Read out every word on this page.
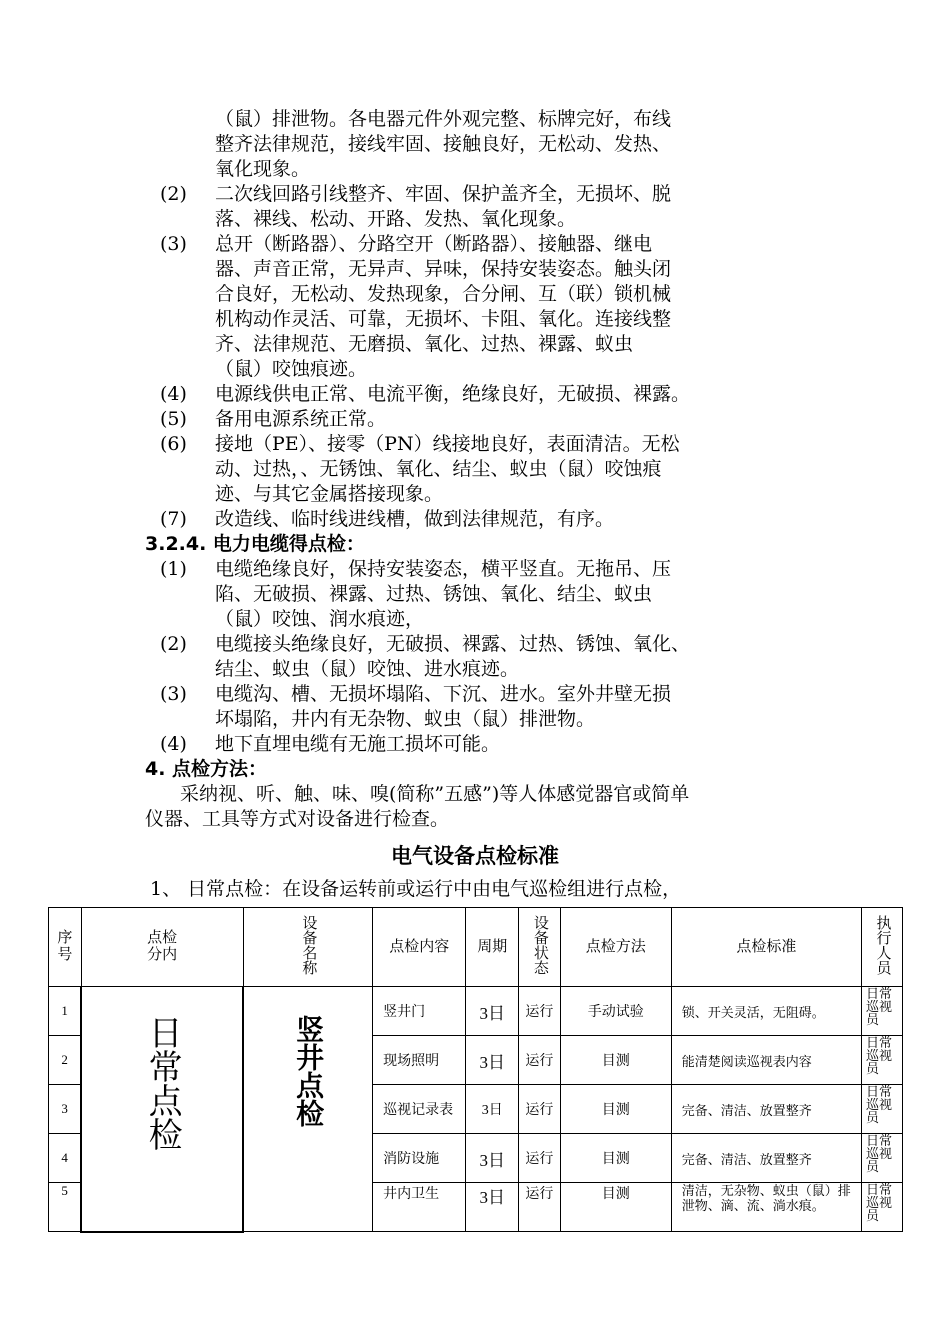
（鼠）排泄物。各电器元件外观完整、标牌完好，布线
整齐法律规范，接线牢固、接触良好，无松动、发热、
氧化现象。
(2) 二次线回路引线整齐、牢固、保护盖齐全，无损坏、脱
落、裸线、松动、开路、发热、氧化现象。
(3) 总开（断路器）、分路空开（断路器）、接触器、继电
器、声音正常，无异声、异味，保持安装姿态。触头闭
合良好，无松动、发热现象，合分闸、互（联）锁机械
机构动作灵活、可靠，无损坏、卡阻、氧化。连接线整
齐、法律规范、无磨损、氧化、过热、裸露、蚁虫
（鼠）咬蚀痕迹。
(4) 电源线供电正常、电流平衡，绝缘良好，无破损、裸露。
(5) 备用电源系统正常。
(6) 接地（PE）、接零（PN）线接地良好，表面清洁。无松
动、过热，、无锈蚀、氧化、结尘、蚁虫（鼠）咬蚀痕
迹、与其它金属搭接现象。
(7) 改造线、临时线进线槽，做到法律规范，有序。
3.2.4. 电力电缆得点检：
(1) 电缆绝缘良好，保持安装姿态，横平竖直。无拖吊、压
陷、无破损、裸露、过热、锈蚀、氧化、结尘、蚁虫
（鼠）咬蚀、润水痕迹，
(2) 电缆接头绝缘良好，无破损、裸露、过热、锈蚀、氧化、
结尘、蚁虫（鼠）咬蚀、进水痕迹。
(3) 电缆沟、槽、无损坏塌陷、下沉、进水。室外井壁无损
坏塌陷，井内有无杂物、蚁虫（鼠）排泄物。
(4) 地下直埋电缆有无施工损坏可能。
4. 点检方法：
采纳视、听、触、味、嗅(简称”五感”)等人体感觉器官或简单
仪器、工具等方式对设备进行检查。
电气设备点检标准
1、 日常点检：在设备运转前或运行中由电气巡检组进行点检，
序号	点检分内	设备名称	点检内容	周期	设备状态	点检方法	点检标准	执行人员
1	日常点检	竖井点检	竖井门	3日	运行	手动试验	锁、开关灵活，无阻碍。	日常巡视员
2			现场照明	3日	运行	目测	能清楚阅读巡视表内容	日常巡视员
3			巡视记录表	3日	运行	目测	完备、清洁、放置整齐	日常巡视员
4			消防设施	3日	运行	目测	完备、清洁、放置整齐	日常巡视员
5			井内卫生	3日	运行	目测	清洁，无杂物、蚁虫（鼠）排泄物、滴、流、淌水痕。	日常巡视员
